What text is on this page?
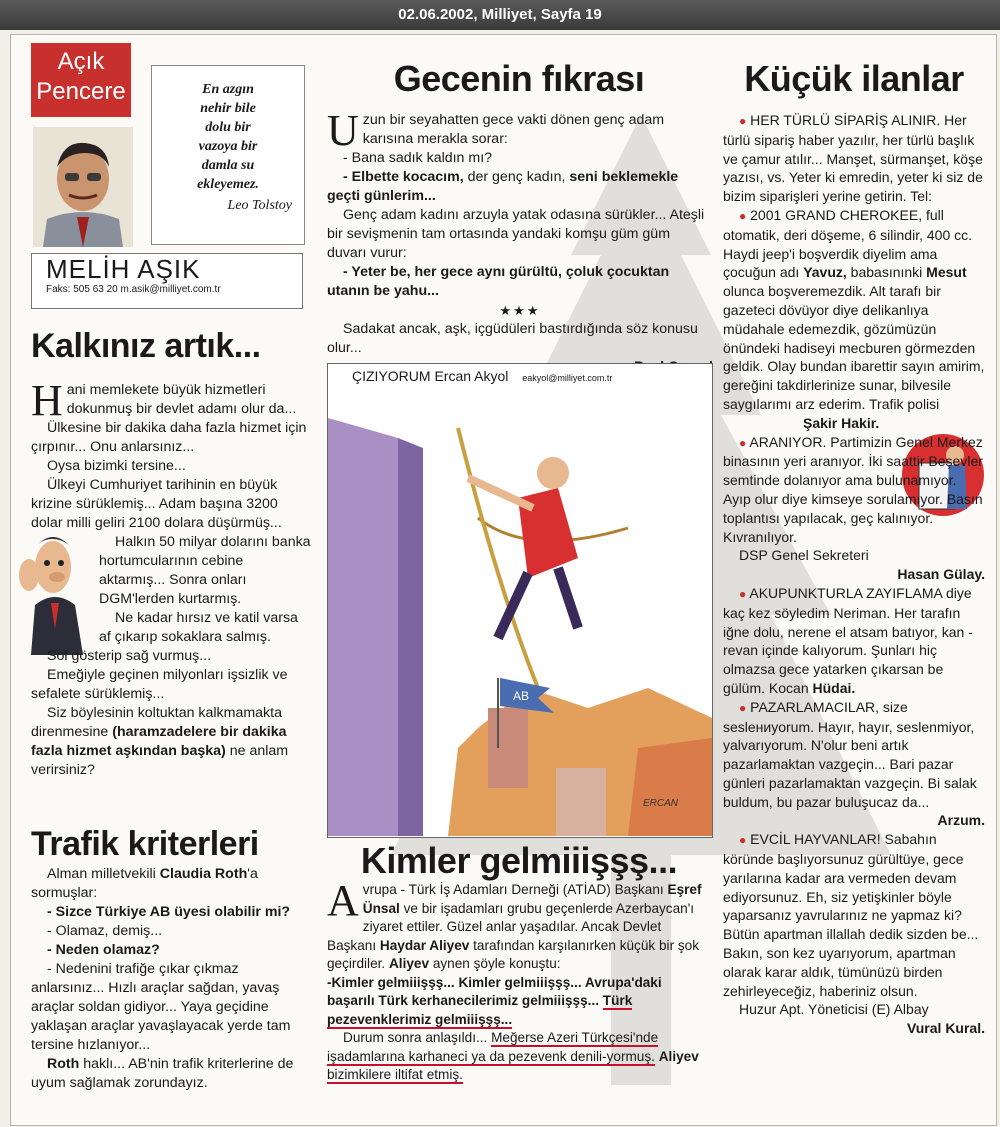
02.06.2002, Milliyet, Sayfa 19
Açık
Pencere	En azgın
nehir bile
dolu bir
vazoya bir
damla su
ekleyemez.
Leo Tolstoy
MELİH AŞIK
Faks: 505 63 20 m.asik@milliyet.com.tr
Kalkınız artık...

Hani memlekete büyük hizmetleri dokunmuş bir devlet adamı olur da...

Ülkesine bir dakika daha fazla hizmet için çırpınır... Onu anlarsınız...

Oysa bizimki tersine...

Ülkeyi Cumhuriyet tarihinin en büyük krizine sürüklemiş... Adam başına 3200 dolar milli geliri 2100 dolara düşürmüş...

Halkın 50 milyar dolarını banka hortumcularının cebine aktarmış... Sonra onları DGM'lerden kurtarmış.

Ne kadar hırsız ve katil varsa af çıkarıp sokaklara salmış.

Sol gösterip sağ vurmuş...

Emeğiyle geçinen milyonları işsizlik ve sefalete sürüklemiş...

Siz böylesinin koltuktan kalkmamakta direnmesine (haramzadelere bir dakika fazla hizmet aşkından başka) ne anlam verirsiniz?

Trafik kriterleri

Alman milletvekili Claudia Roth'a sormuşlar:

- Sizce Türkiye AB üyesi olabilir mi?

- Olamaz, demiş...

- Neden olamaz?

- Nedenini trafiğe çıkar çıkmaz anlarsınız... Hızlı araçlar sağdan, yavaş araçlar soldan gidiyor... Yaya geçidine yaklaşan araçlar yavaşlayacak yerde tam tersine hızlanıyor...

Roth haklı... AB'nin trafik kriterlerine de uyum sağlamak zorundayız.

Gecenin fıkrası

Uzun bir seyahatten gece vakti dönen genç adam karısına merakla sorar:

- Bana sadık kaldın mı?

- Elbette kocacım, der genç kadın, seni beklemekle geçti günlerim...

Genç adam kadını arzuyla yatak odasına sürükler... Ateşli bir sevişmenin tam ortasında yandaki komşu güm güm duvarı vurur:

- Yeter be, her gece aynı gürültü, çoluk çocuktan utanın be yahu...

★★★

Sadakat ancak, aşk, içgüdüleri bastırdığında söz konusu olur...

ÇIZIYORUM Ercan Akyol eakyol@milliyet.com.tr
AB
ERCAN
Kimler gelmiiişşş...

Avrupa - Türk İş Adamları Derneği (ATİAD) Başkanı Eşref Ünsal ve bir işadamları grubu geçenlerde Azerbaycan'ı ziyaret ettiler. Güzel anlar yaşadılar. Ancak Devlet Başkanı Haydar Aliyev tarafından karşılanırken küçük bir şok geçirdiler. Aliyev aynen şöyle konuştu:

-Kimler gelmiiişşş... Kimler gelmiiişşş... Avrupa'daki başarılı Türk kerhanecilerimiz gelmiiişşş... Türk pezevenklerimiz gelmiiişşş...

Durum sonra anlaşıldı... Meğerse Azeri Türkçesi'nde işadamlarına karhaneci ya da pezevenk denili-yormuş. Aliyev bizimkilere iltifat etmiş.

Küçük ilanlar

● HER TÜRLÜ SİPARİŞ ALINIR. Her türlü sipariş haber yazılır, her türlü başlık ve çamur atılır... Manşet, sürmanşet, köşe yazısı, vs. Yeter ki emredin, yeter ki siz de bizim siparişleri yerine getirin. Tel:

● 2001 GRAND CHEROKEE, full otomatik, deri döşeme, 6 silindir, 400 cc. Haydi jeep'i boşverdik diyelim ama çocuğun adı Yavuz, babasınınki Mesut olunca boşveremezdik. Alt tarafı bir gazeteci dövüyor diye delikanlıya müdahale edemezdik, gözümüzün önündeki hadiseyi mecburen görmezden geldik. Olay bundan ibarettir sayın amirim, gereğini takdirlerinize sunar, bilvesile saygılarımı arz ederim. Trafik polisi

Şakir Hakir.

● ARANIYOR. Partimizin Genel Merkez binasının yeri aranıyor. İki saattir Beşevler semtinde dolanıyor ama bulunamıyor. Ayıp olur diye kimseye sorulamıyor. Basın toplantısı yapılacak, geç kalınıyor. Kıvranılıyor.

DSP Genel Sekreteri

Hasan Gülay.

● AKUPUNKTURLA ZAYIFLAMA diye kaç kez söyledim Neriman. Her tarafın iğne dolu, nerene el atsam batıyor, kan - revan içinde kalıyorum. Şunları hiç olmazsa gece yatarken çıkarsan be gülüm. Kocan Hüdai.

● PAZARLAMACILAR, size seslениyorum. Hayır, hayır, seslenmiyor, yalvarıyorum. N'olur beni artık pazarlamaktan vazgeçin... Bari pazar günleri pazarlamaktan vazgeçin. Bi salak buldum, bu pazar buluşucaz da...

Arzum.

● EVCİL HAYVANLAR! Sabahın köründe başlıyorsunuz gürültüye, gece yarılarına kadar ara vermeden devam ediyorsunuz. Eh, siz yetişkinler böyle yaparsanız yavrularınız ne yapmaz ki? Bütün apartman illallah dedik sizden be... Bakın, son kez uyarıyorum, apartman olarak karar aldık, tümünüzü birden zehirleyeceğiz, haberiniz olsun.

Huzur Apt. Yöneticisi (E) Albay

Vural Kural.
